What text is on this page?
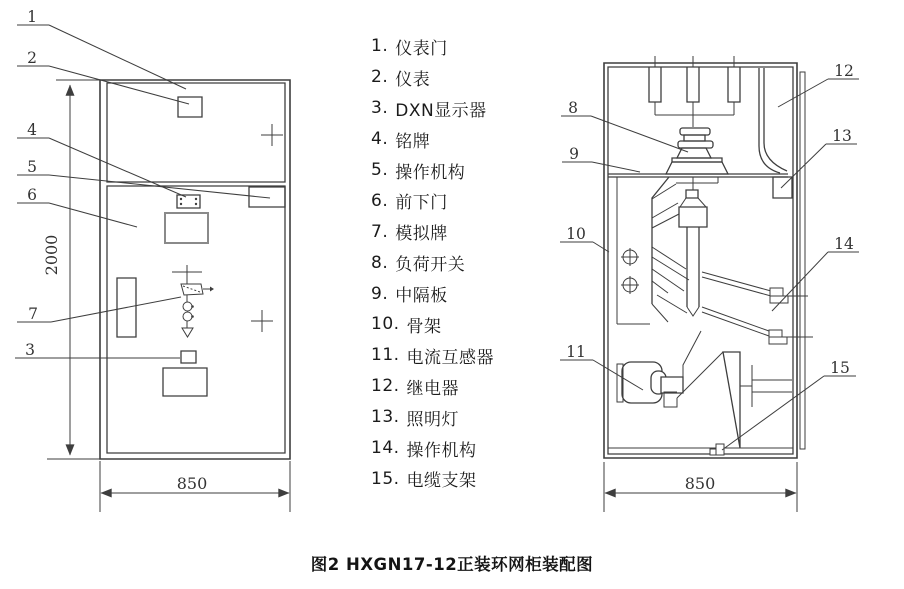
2000
850
1
2
4
5
6
7
3
850
8
9
10
11
12
13
14
15
1. 仪表门
2. 仪表
3. DXN显示器
4. 铭牌
5. 操作机构
6. 前下门
7. 模拟牌
8. 负荷开关
9. 中隔板
10. 骨架
11. 电流互感器
12. 继电器
13. 照明灯
14. 操作机构
15. 电缆支架
图2 HXGN17-12正装环网柜装配图
